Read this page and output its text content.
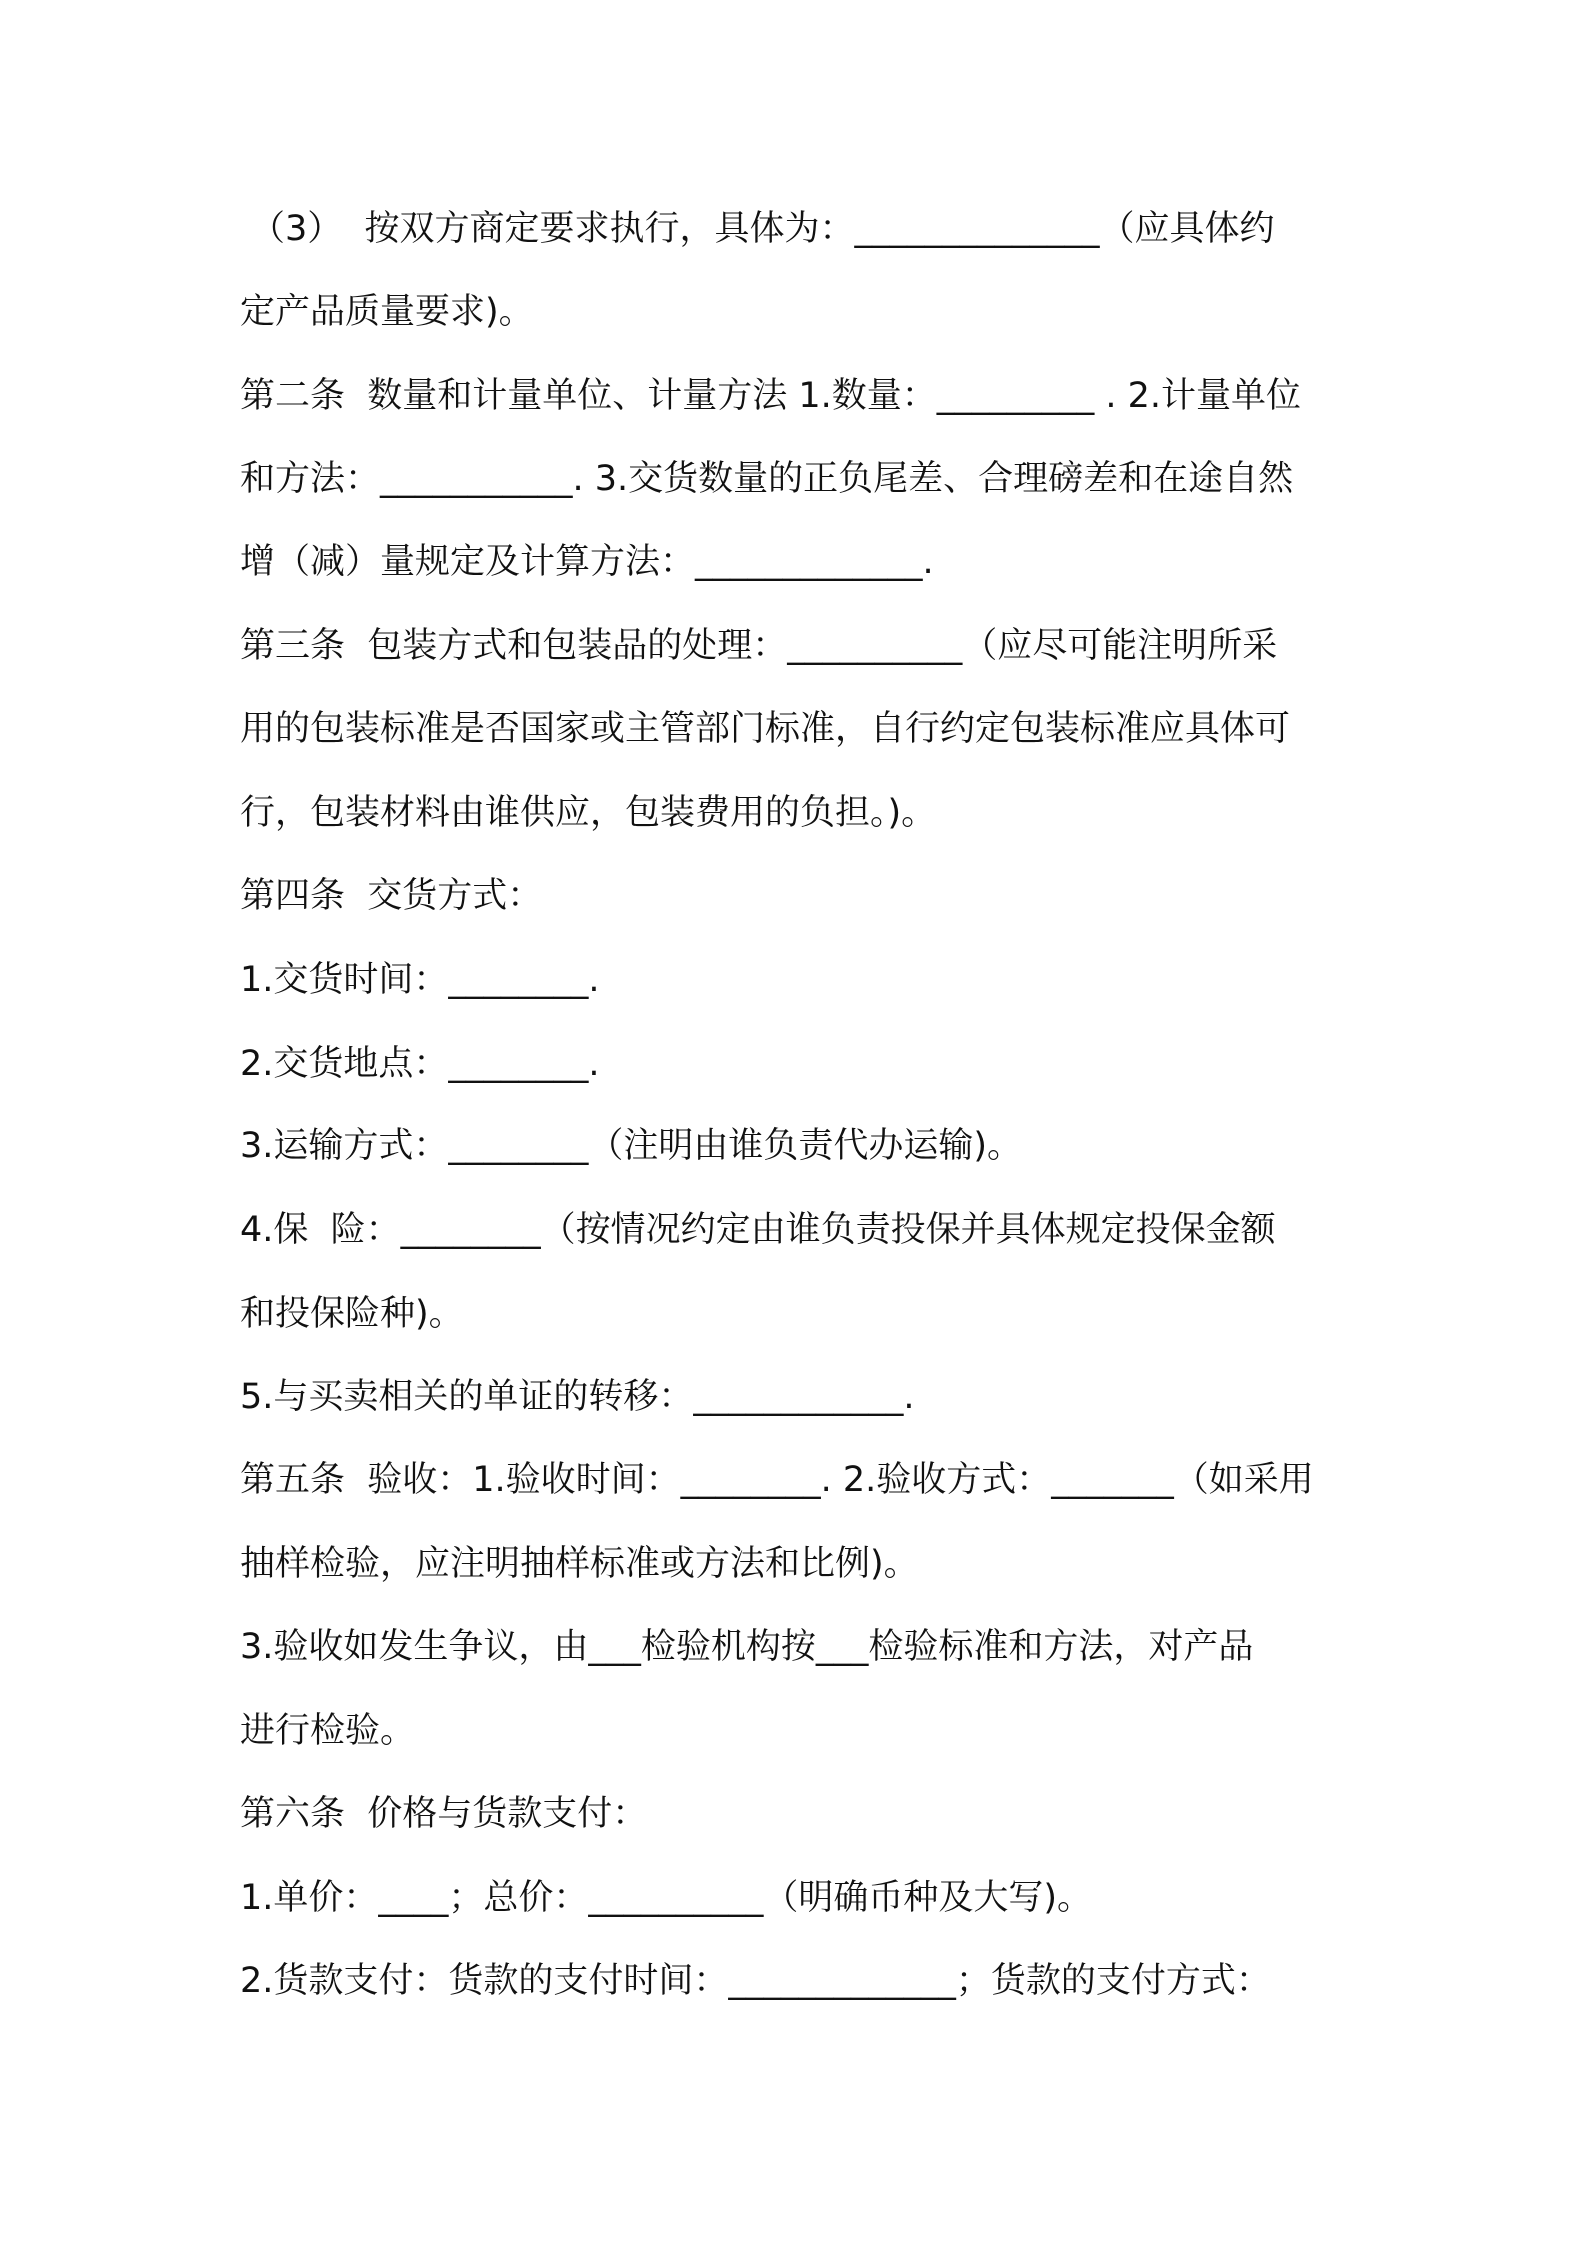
（3）  按双方商定要求执行，具体为：______________（应具体约
定产品质量要求)。
第二条  数量和计量单位、计量方法 1.数量：_________ . 2.计量单位
和方法：___________. 3.交货数量的正负尾差、合理磅差和在途自然
增（减）量规定及计算方法：_____________.
第三条  包装方式和包装品的处理：__________（应尽可能注明所采
用的包装标准是否国家或主管部门标准，自行约定包装标准应具体可
行，包装材料由谁供应，包装费用的负担。)。
第四条  交货方式：
1.交货时间：________.
2.交货地点：________.
3.运输方式：________（注明由谁负责代办运输)。
4.保  险：________（按情况约定由谁负责投保并具体规定投保金额
和投保险种)。
5.与买卖相关的单证的转移：____________.
第五条  验收：1.验收时间：________. 2.验收方式：_______（如采用
抽样检验，应注明抽样标准或方法和比例)。
3.验收如发生争议，由___检验机构按___检验标准和方法，对产品
进行检验。
第六条  价格与货款支付：
1.单价：____；总价：__________（明确币种及大写)。
2.货款支付：货款的支付时间：_____________；货款的支付方式：
